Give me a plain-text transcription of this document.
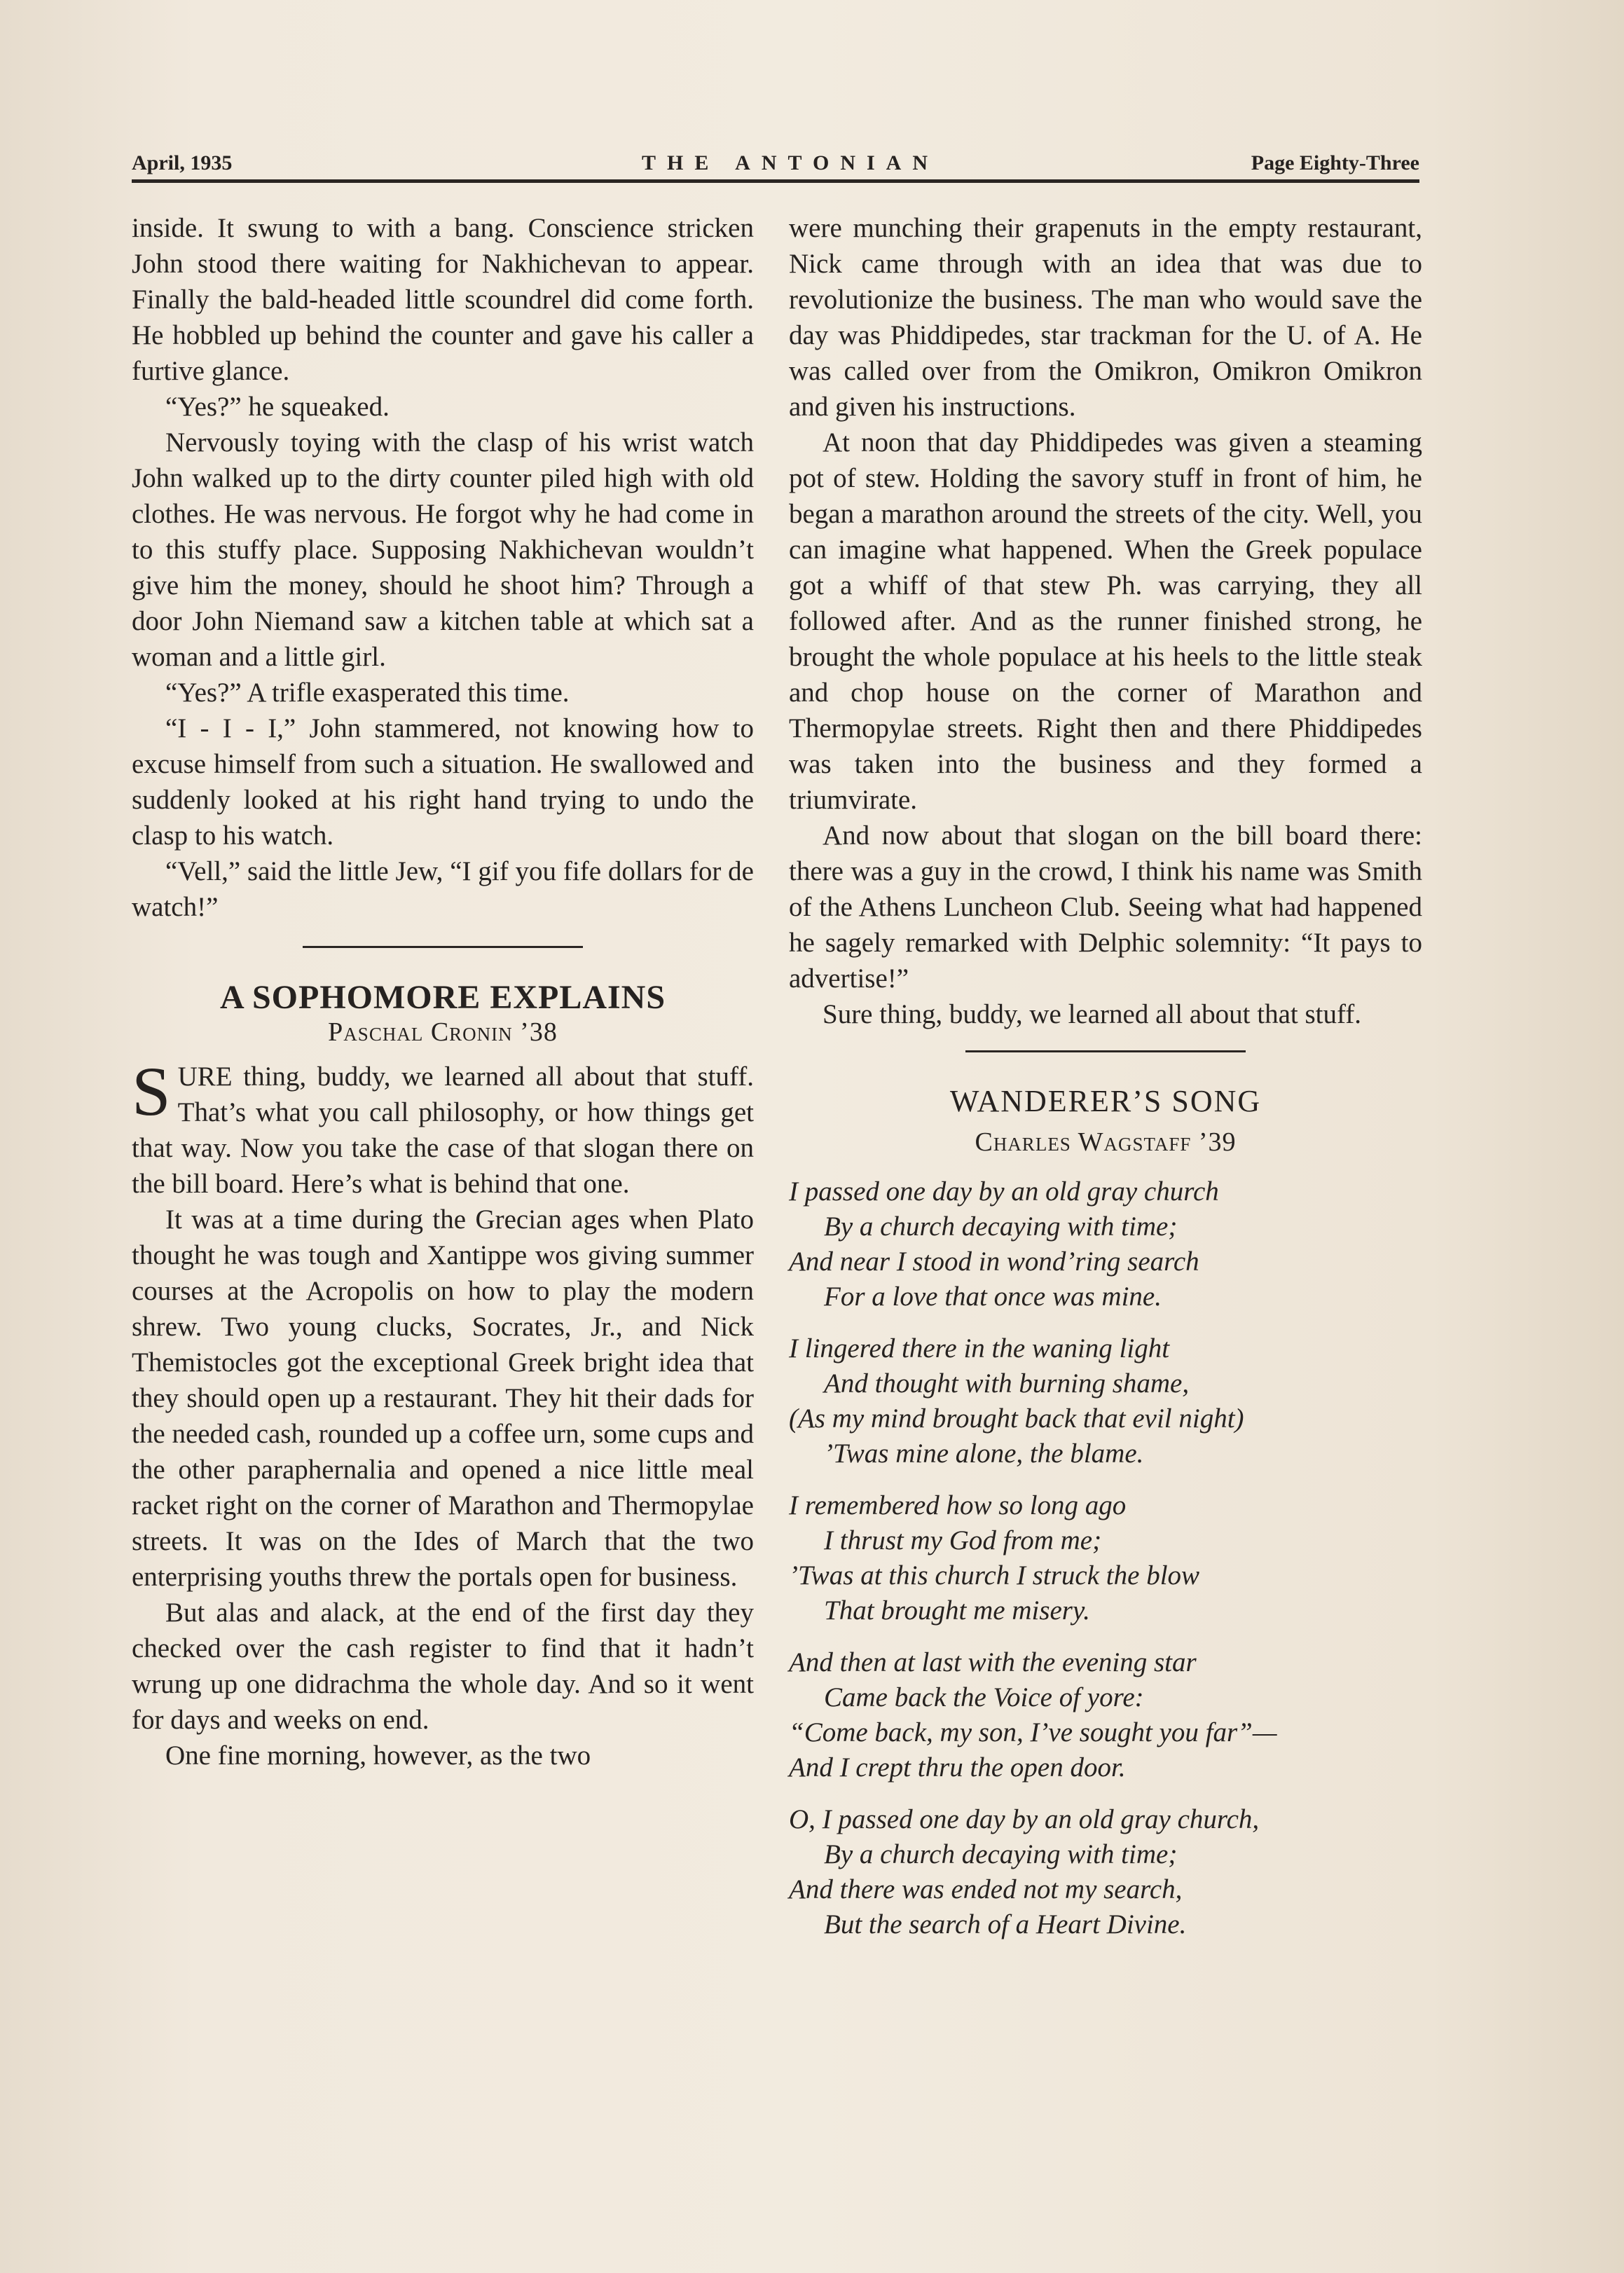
April, 1935	THE ANTONIAN	Page Eighty-Three

inside. It swung to with a bang. Conscience stricken John stood there waiting for Nakhichevan to appear. Finally the bald-headed little scoundrel did come forth. He hobbled up behind the counter and gave his caller a furtive glance.

“Yes?” he squeaked.

Nervously toying with the clasp of his wrist watch John walked up to the dirty counter piled high with old clothes. He was nervous. He forgot why he had come in to this stuffy place. Supposing Nakhichevan wouldn’t give him the money, should he shoot him? Through a door John Niemand saw a kitchen table at which sat a woman and a little girl.

“Yes?” A trifle exasperated this time.

“I - I - I,” John stammered, not knowing how to excuse himself from such a situation. He swallowed and suddenly looked at his right hand trying to undo the clasp to his watch.

“Vell,” said the little Jew, “I gif you fife dollars for de watch!”

A SOPHOMORE EXPLAINS
Paschal Cronin ’38

SURE thing, buddy, we learned all about that stuff. That’s what you call philosophy, or how things get that way. Now you take the case of that slogan there on the bill board. Here’s what is behind that one.

It was at a time during the Grecian ages when Plato thought he was tough and Xantippe wos giving summer courses at the Acropolis on how to play the modern shrew. Two young clucks, Socrates, Jr., and Nick Themistocles got the exceptional Greek bright idea that they should open up a restaurant. They hit their dads for the needed cash, rounded up a coffee urn, some cups and the other paraphernalia and opened a nice little meal racket right on the corner of Marathon and Thermopylae streets. It was on the Ides of March that the two enterprising youths threw the portals open for business.

But alas and alack, at the end of the first day they checked over the cash register to find that it hadn’t wrung up one didrachma the whole day. And so it went for days and weeks on end.

One fine morning, however, as the two

were munching their grapenuts in the empty restaurant, Nick came through with an idea that was due to revolutionize the business. The man who would save the day was Phiddipedes, star trackman for the U. of A. He was called over from the Omikron, Omikron Omikron and given his instructions.

At noon that day Phiddipedes was given a steaming pot of stew. Holding the savory stuff in front of him, he began a marathon around the streets of the city. Well, you can imagine what happened. When the Greek populace got a whiff of that stew Ph. was carrying, they all followed after. And as the runner finished strong, he brought the whole populace at his heels to the little steak and chop house on the corner of Marathon and Thermopylae streets. Right then and there Phiddipedes was taken into the business and they formed a triumvirate.

And now about that slogan on the bill board there: there was a guy in the crowd, I think his name was Smith of the Athens Luncheon Club. Seeing what had happened he sagely remarked with Delphic solemnity: “It pays to advertise!”

Sure thing, buddy, we learned all about that stuff.

WANDERER’S SONG
Charles Wagstaff ’39
I passed one day by an old gray church
By a church decaying with time;
And near I stood in wond’ring search
For a love that once was mine.
I lingered there in the waning light
And thought with burning shame,
(As my mind brought back that evil night)
’Twas mine alone, the blame.
I remembered how so long ago
I thrust my God from me;
’Twas at this church I struck the blow
That brought me misery.
And then at last with the evening star
Came back the Voice of yore:
“Come back, my son, I’ve sought you far”—
And I crept thru the open door.
O, I passed one day by an old gray church,
By a church decaying with time;
And there was ended not my search,
But the search of a Heart Divine.
